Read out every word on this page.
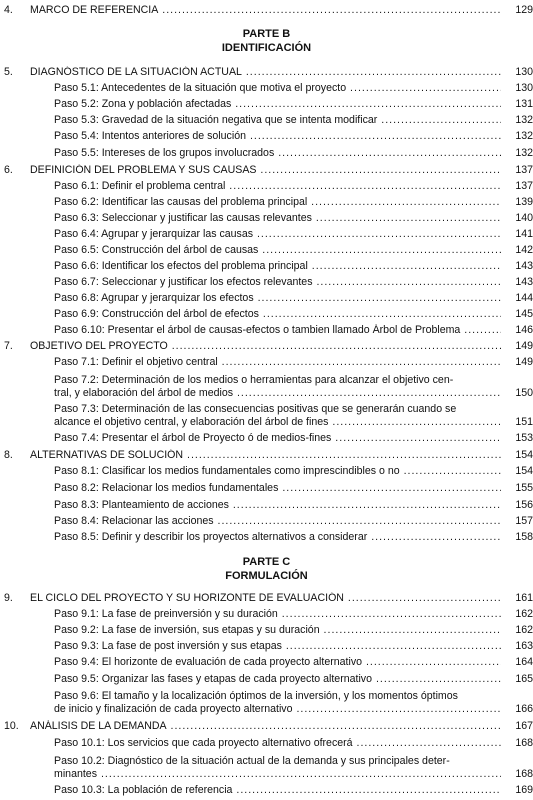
4.	MARCO DE REFERENCIA .....	129
PARTE B
IDENTIFICACIÓN
5.	DIAGNÓSTICO DE LA SITUACIÓN ACTUAL .....	130
Paso 5.1: Antecedentes de la situación que motiva el proyecto .....	130
Paso 5.2: Zona y población afectadas .....	131
Paso 5.3: Gravedad de la situación negativa que se intenta modificar .....	132
Paso 5.4: Intentos anteriores de solución .....	132
Paso 5.5: Intereses de los grupos involucrados .....	132
6.	DEFINICIÓN DEL PROBLEMA Y SUS CAUSAS .....	137
Paso 6.1: Definir el problema central .....	137
Paso 6.2: Identificar las causas del problema principal .....	139
Paso 6.3: Seleccionar y justificar las causas relevantes .....	140
Paso 6.4: Agrupar y jerarquizar las causas .....	141
Paso 6.5: Construcción del árbol de causas .....	142
Paso 6.6: Identificar los efectos del problema principal .....	143
Paso 6.7: Seleccionar y justificar los efectos relevantes .....	143
Paso 6.8: Agrupar y jerarquizar los efectos .....	144
Paso 6.9: Construcción del árbol de efectos .....	145
Paso 6.10: Presentar el árbol de causas-efectos o tambien llamado Árbol de Problema .....	146
7.	OBJETIVO DEL PROYECTO .....	149
Paso 7.1: Definir el objetivo central .....	149
Paso 7.2: Determinación de los medios o herramientas para alcanzar el objetivo cen-
tral, y elaboración del árbol de medios .....	150
Paso 7.3: Determinación de las consecuencias positivas que se generarán cuando se
alcance el objetivo central, y elaboración del árbol de fines .....	151
Paso 7.4: Presentar el árbol de Proyecto ó de medios-fines .....	153
8.	ALTERNATIVAS DE SOLUCIÓN .....	154
Paso 8.1: Clasificar los medios fundamentales como imprescindibles o no .....	154
Paso 8.2: Relacionar los medios fundamentales .....	155
Paso 8.3: Planteamiento de acciones .....	156
Paso 8.4: Relacionar las acciones .....	157
Paso 8.5: Definir y describir los proyectos alternativos a considerar .....	158
PARTE C
FORMULACIÓN
9.	EL CICLO DEL PROYECTO Y SU HORIZONTE DE EVALUACIÓN .....	161
Paso 9.1: La fase de preinversión y su duración .....	162
Paso 9.2: La fase de inversión, sus etapas y su duración .....	162
Paso 9.3: La fase de post inversión y sus etapas .....	163
Paso 9.4: El horizonte de evaluación de cada proyecto alternativo .....	164
Paso 9.5: Organizar las fases y etapas de cada proyecto alternativo .....	165
Paso 9.6: El tamaño y la localización óptimos de la inversión, y los momentos óptimos
de inicio y finalización de cada proyecto alternativo .....	166
10.	ANÁLISIS DE LA DEMANDA .....	167
Paso 10.1: Los servicios que cada proyecto alternativo ofrecerá .....	168
Paso 10.2: Diagnóstico de la situación actual de la demanda y sus principales deter-
minantes .....	168
Paso 10.3: La población de referencia .....	169
